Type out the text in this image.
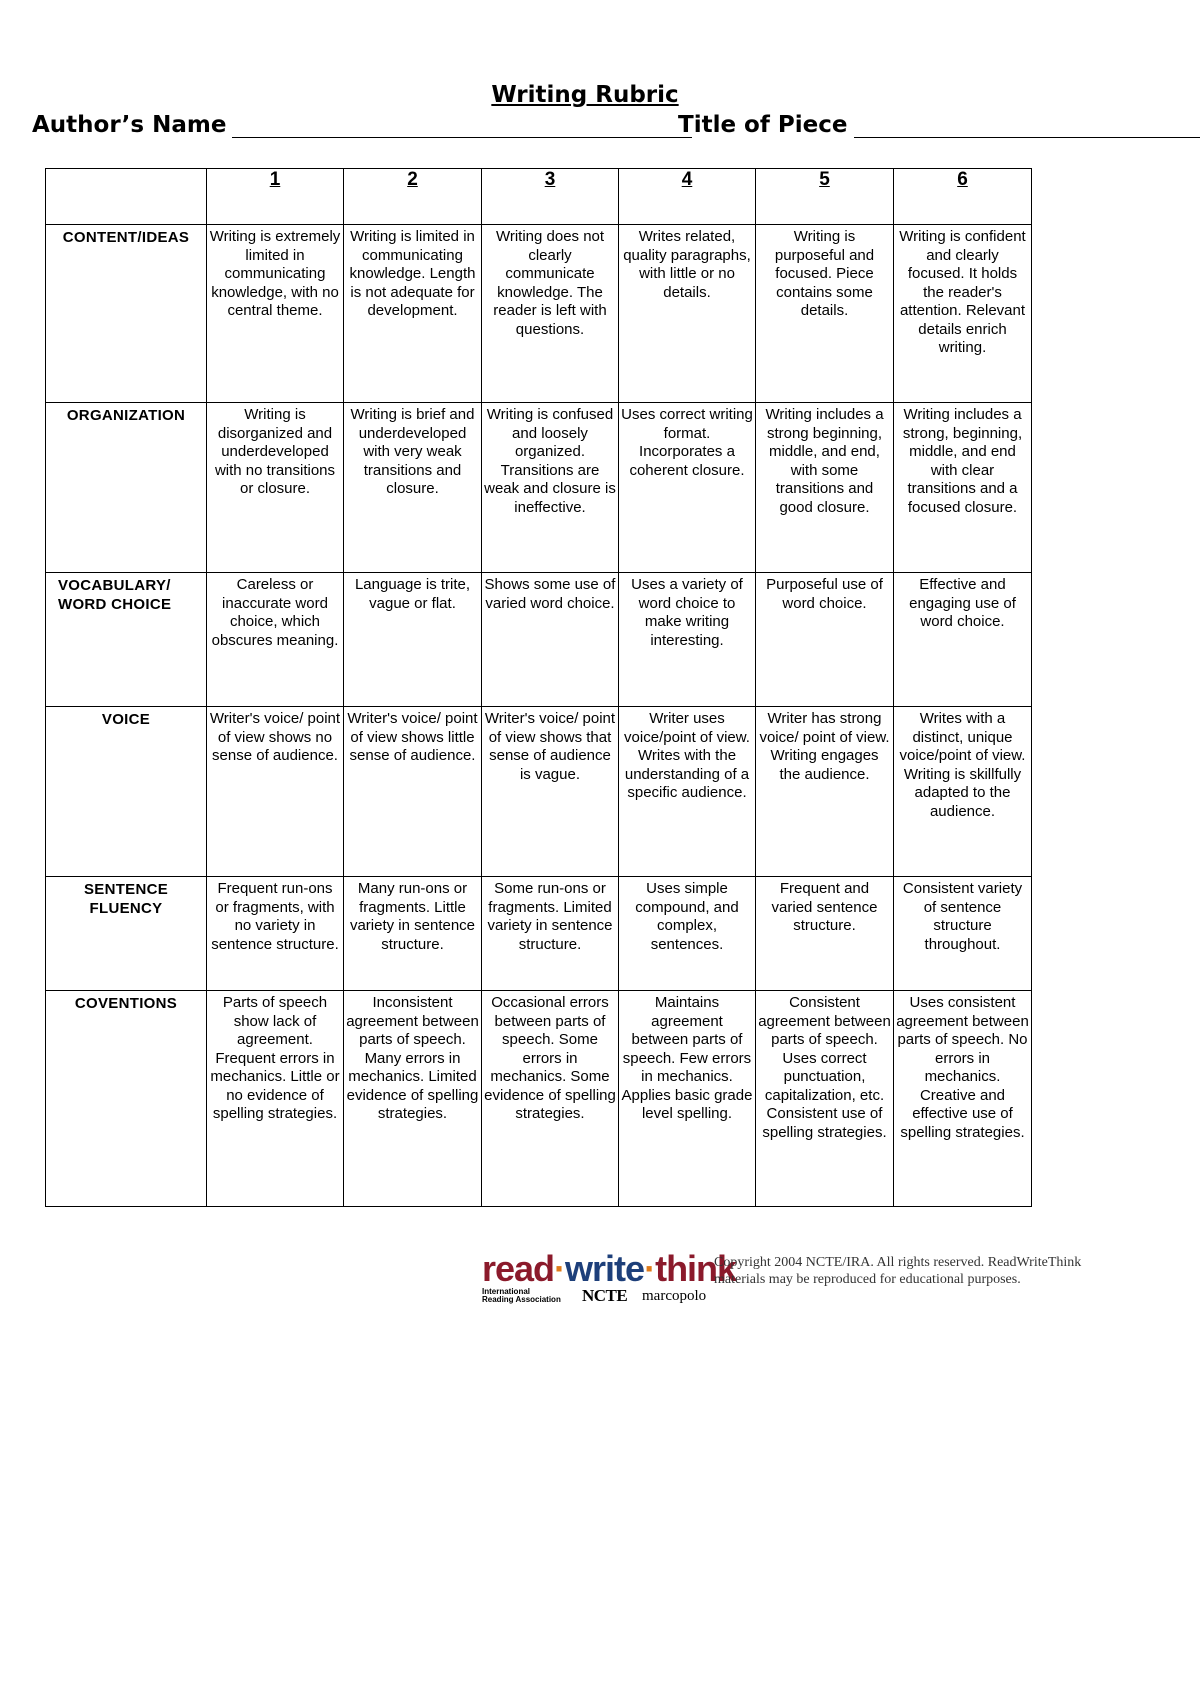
Writing Rubric
Author’s Name	Title of Piece
	1	2	3	4	5	6
CONTENT/IDEAS	Writing is extremely limited in communicating knowledge, with no central theme.	Writing is limited in communicating knowledge. Length is not adequate for development.	Writing does not clearly communicate knowledge. The reader is left with questions.	Writes related, quality paragraphs, with little or no details.	Writing is purposeful and focused. Piece contains some details.	Writing is confident and clearly focused. It holds the reader's attention. Relevant details enrich writing.
ORGANIZATION	Writing is disorganized and underdeveloped with no transitions or closure.	Writing is brief and underdeveloped with very weak transitions and closure.	Writing is confused and loosely organized. Transitions are weak and closure is ineffective.	Uses correct writing format. Incorporates a coherent closure.	Writing includes a strong beginning, middle, and end, with some transitions and good closure.	Writing includes a strong, beginning, middle, and end with clear transitions and a focused closure.
VOCABULARY/ WORD CHOICE	Careless or inaccurate word choice, which obscures meaning.	Language is trite, vague or flat.	Shows some use of varied word choice.	Uses a variety of word choice to make writing interesting.	Purposeful use of word choice.	Effective and engaging use of word choice.
VOICE	Writer's voice/ point of view shows no sense of audience.	Writer's voice/ point of view shows little sense of audience.	Writer's voice/ point of view shows that sense of audience is vague.	Writer uses voice/point of view. Writes with the understanding of a specific audience.	Writer has strong voice/ point of view. Writing engages the audience.	Writes with a distinct, unique voice/point of view. Writing is skillfully adapted to the audience.
SENTENCE FLUENCY	Frequent run-ons or fragments, with no variety in sentence structure.	Many run-ons or fragments. Little variety in sentence structure.	Some run-ons or fragments. Limited variety in sentence structure.	Uses simple compound, and complex, sentences.	Frequent and varied sentence structure.	Consistent variety of sentence structure throughout.
COVENTIONS	Parts of speech show lack of agreement. Frequent errors in mechanics. Little or no evidence of spelling strategies.	Inconsistent agreement between parts of speech. Many errors in mechanics. Limited evidence of spelling strategies.	Occasional errors between parts of speech. Some errors in mechanics. Some evidence of spelling strategies.	Maintains agreement between parts of speech. Few errors in mechanics. Applies basic grade level spelling.	Consistent agreement between parts of speech. Uses correct punctuation, capitalization, etc. Consistent use of spelling strategies.	Uses consistent agreement between parts of speech. No errors in mechanics. Creative and effective use of spelling strategies.
read·write·think
International
Reading Association NCTE marcopolo
Copyright 2004 NCTE/IRA. All rights reserved. ReadWriteThink materials may be reproduced for educational purposes.
